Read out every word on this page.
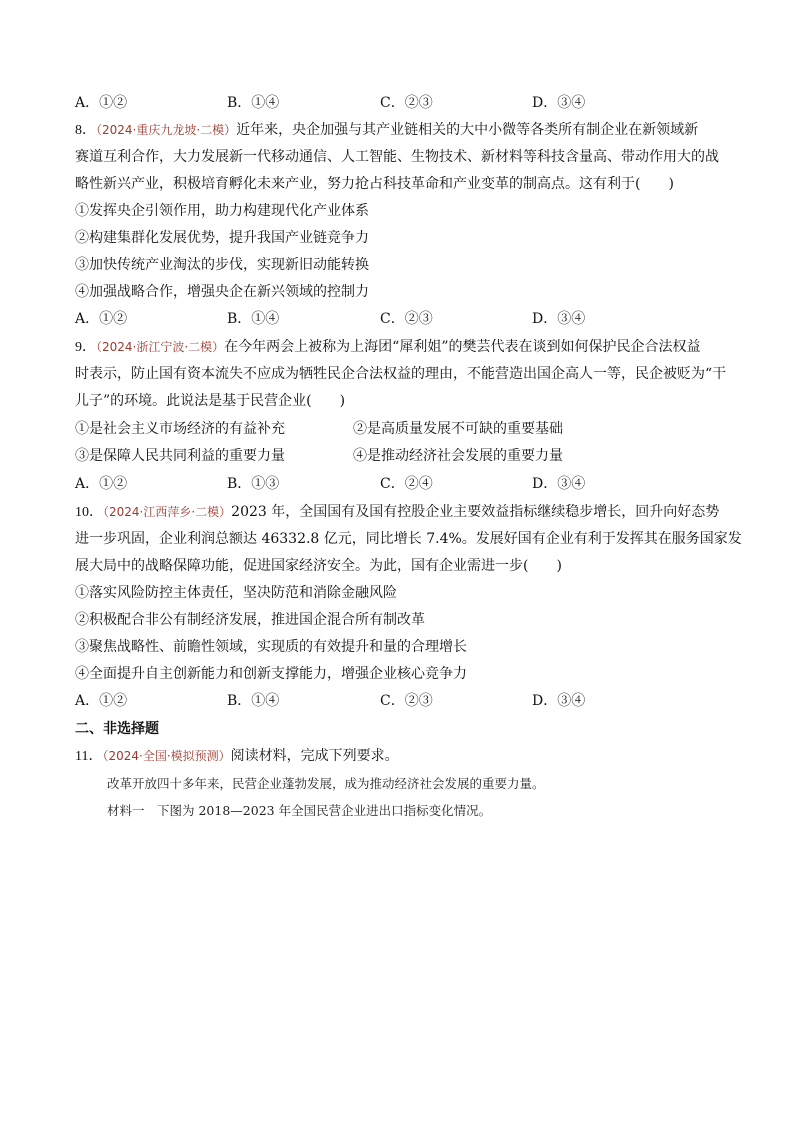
A．①②	B．①④	C．②③	D．③④
8．（2024·重庆九龙坡·二模）近年来，央企加强与其产业链相关的大中小微等各类所有制企业在新领域新
赛道互利合作，大力发展新一代移动通信、人工智能、生物技术、新材料等科技含量高、带动作用大的战
略性新兴产业，积极培育孵化未来产业，努力抢占科技革命和产业变革的制高点。这有利于(　　)
①发挥央企引领作用，助力构建现代化产业体系
②构建集群化发展优势，提升我国产业链竞争力
③加快传统产业淘汰的步伐，实现新旧动能转换
④加强战略合作，增强央企在新兴领域的控制力
A．①②	B．①④	C．②③	D．③④
9．（2024·浙江宁波·二模）在今年两会上被称为上海团“犀利姐”的樊芸代表在谈到如何保护民企合法权益
时表示，防止国有资本流失不应成为牺牲民企合法权益的理由，不能营造出国企高人一等，民企被贬为“干
儿子”的环境。此说法是基于民营企业(　　)
①是社会主义市场经济的有益补充	②是高质量发展不可缺的重要基础
③是保障人民共同利益的重要力量	④是推动经济社会发展的重要力量
A．①②	B．①③	C．②④	D．③④
10．（2024·江西萍乡·二模）2023 年，全国国有及国有控股企业主要效益指标继续稳步增长，回升向好态势
进一步巩固，企业利润总额达 46332.8 亿元，同比增长 7.4%。发展好国有企业有利于发挥其在服务国家发
展大局中的战略保障功能，促进国家经济安全。为此，国有企业需进一步(　　)
①落实风险防控主体责任，坚决防范和消除金融风险
②积极配合非公有制经济发展，推进国企混合所有制改革
③聚焦战略性、前瞻性领域，实现质的有效提升和量的合理增长
④全面提升自主创新能力和创新支撑能力，增强企业核心竞争力
A．①②	B．①④	C．②③	D．③④
二、非选择题
11．（2024·全国·模拟预测）阅读材料，完成下列要求。
改革开放四十多年来，民营企业蓬勃发展，成为推动经济社会发展的重要力量。
材料一　下图为 2018—2023 年全国民营企业进出口指标变化情况。
